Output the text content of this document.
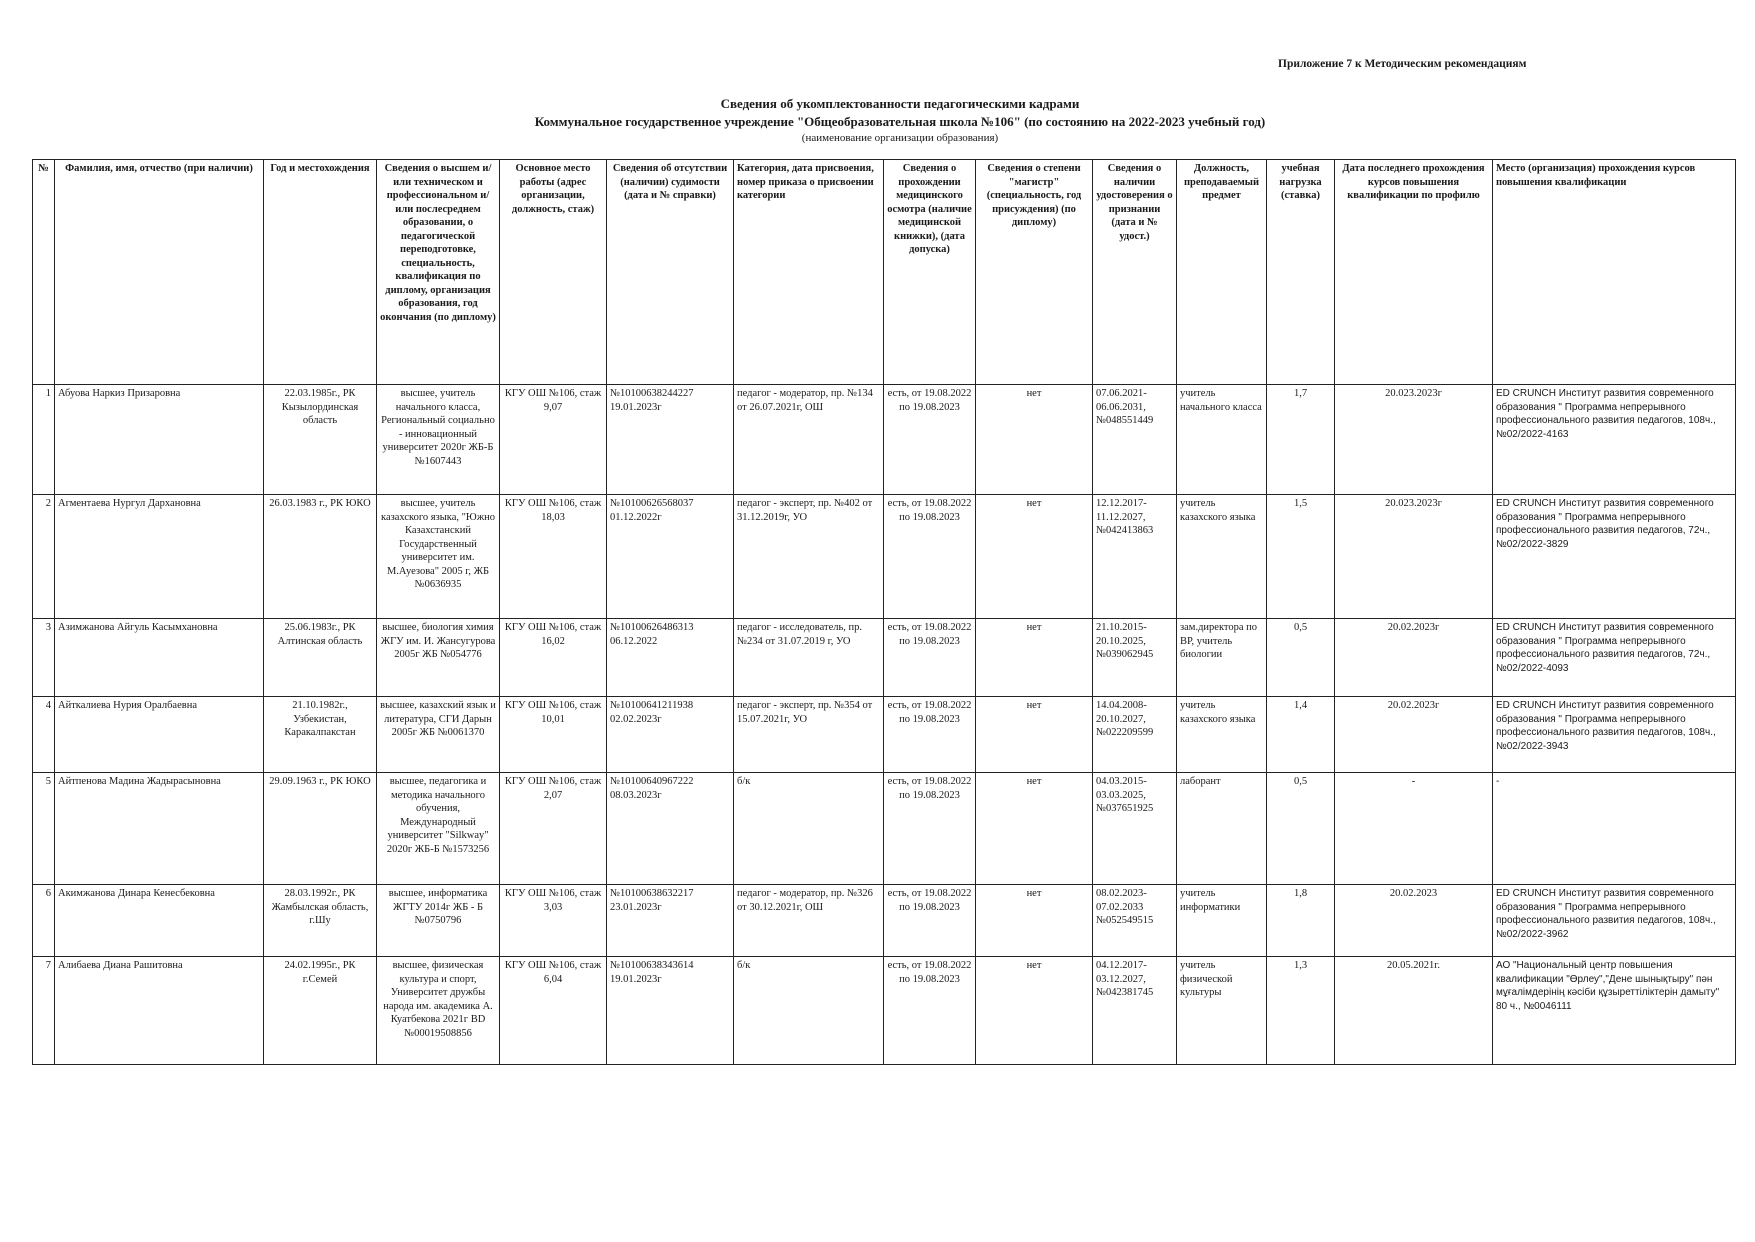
Приложение 7 к Методическим рекомендациям
Сведения об укомплектованности педагогическими кадрами
Коммунальное государственное учреждение "Общеобразовательная школа №106" (по состоянию на 2022-2023 учебный год)
(наименование организации образования)
№	Фамилия, имя, отчество (при наличии)	Год и местохождения	Сведения о высшем и/или техническом и профессиональном и/или послесреднем образовании, о педагогической переподготовке, специальность, квалификация по диплому, организация образования, год окончания (по диплому)	Основное место работы (адрес организации, должность, стаж)	Сведения об отсутствии (наличии) судимости (дата и № справки)	Категория, дата присвоения, номер приказа о присвоении категории	Сведения о прохождении медицинского осмотра (наличие медицинской книжки), (дата допуска)	Сведения о степени "магистр" (специальность, год присуждения) (по диплому)	Сведения о наличии удостоверения о признании (дата и № удост.)	Должность, преподаваемый предмет	учебная нагрузка (ставка)	Дата последнего прохождения курсов повышения квалификации по профилю	Место (организация) прохождения курсов повышения квалификации
1	Абуова Наркиз Призаровна	22.03.1985г., РК Кызылординская область	высшее, учитель начального класса, Региональный социально - инновационный университет 2020г ЖБ-Б №1607443	КГУ ОШ №106, стаж 9,07	№10100638244227 19.01.2023г	педагог - модератор, пр. №134 от 26.07.2021г, ОШ	есть, от 19.08.2022 по 19.08.2023	нет	07.06.2021-06.06.2031, №048551449	учитель начального класса	1,7	20.023.2023г	ED CRUNCH Институт развития современного образования " Программа непрерывного профессионального развития педагогов, 108ч., №02/2022-4163
2	Агментаева Нургул Дархановна	26.03.1983 г., РК ЮКО	высшее, учитель казахского языка, "Южно Казахстанский Государственный университет им. М.Ауезова" 2005 г, ЖБ №0636935	КГУ ОШ №106, стаж 18,03	№10100626568037 01.12.2022г	педагог - эксперт, пр. №402 от 31.12.2019г, УО	есть, от 19.08.2022 по 19.08.2023	нет	12.12.2017-11.12.2027, №042413863	учитель казахского языка	1,5	20.023.2023г	ED CRUNCH Институт развития современного образования " Программа непрерывного профессионального развития педагогов, 72ч., №02/2022-3829
3	Азимжанова Айгуль Касымхановна	25.06.1983г., РК Алтинская область	высшее, биология химия ЖГУ им. И. Жансугурова 2005г ЖБ №054776	КГУ ОШ №106, стаж 16,02	№10100626486313 06.12.2022	педагог - исследователь, пр.№234 от 31.07.2019 г, УО	есть, от 19.08.2022 по 19.08.2023	нет	21.10.2015-20.10.2025, №039062945	зам.директора по ВР, учитель биологии	0,5	20.02.2023г	ED CRUNCH Институт развития современного образования " Программа непрерывного профессионального развития педагогов, 72ч., №02/2022-4093
4	Айткалиева Нурия Оралбаевна	21.10.1982г., Узбекистан, Каракалпакстан	высшее, казахский язык и литература, СГИ Дарын 2005г ЖБ №0061370	КГУ ОШ №106, стаж 10,01	№10100641211938 02.02.2023г	педагог - эксперт, пр. №354 от 15.07.2021г, УО	есть, от 19.08.2022 по 19.08.2023	нет	14.04.2008-20.10.2027, №022209599	учитель казахского языка	1,4	20.02.2023г	ED CRUNCH Институт развития современного образования " Программа непрерывного профессионального развития педагогов, 108ч., №02/2022-3943
5	Айтпенова Мадина Жадырасыновна	29.09.1963 г., РК ЮКО	высшее, педагогика и методика начального обучения, Международный университет "Silkway" 2020г ЖБ-Б №1573256	КГУ ОШ №106, стаж 2,07	№10100640967222 08.03.2023г	б/к	есть, от 19.08.2022 по 19.08.2023	нет	04.03.2015-03.03.2025, №037651925	лаборант	0,5	-	-
6	Акимжанова Динара Кенесбековна	28.03.1992г., РК Жамбылская область, г.Шу	высшее, информатика ЖГТУ 2014г ЖБ - Б №0750796	КГУ ОШ №106, стаж 3,03	№10100638632217 23.01.2023г	педагог - модератор, пр. №326 от 30.12.2021г, ОШ	есть, от 19.08.2022 по 19.08.2023	нет	08.02.2023-07.02.2033 №052549515	учитель информатики	1,8	20.02.2023	ED CRUNCH Институт развития современного образования " Программа непрерывного профессионального развития педагогов, 108ч., №02/2022-3962
7	Алибаева Диана Рашитовна	24.02.1995г., РК г.Семей	высшее, физическая культура и спорт, Университет дружбы народа им. академика А. Куатбекова 2021г ВD №00019508856	КГУ ОШ №106, стаж 6,04	№10100638343614 19.01.2023г	б/к	есть, от 19.08.2022 по 19.08.2023	нет	04.12.2017-03.12.2027, №042381745	учитель физической культуры	1,3	20.05.2021г.	АО "Национальный центр повышения квалификации "Өрлеу","Дене шынықтыру" пән мұғалімдерінің кәсіби құзыреттіліктерін дамыту" 80 ч., №0046111
